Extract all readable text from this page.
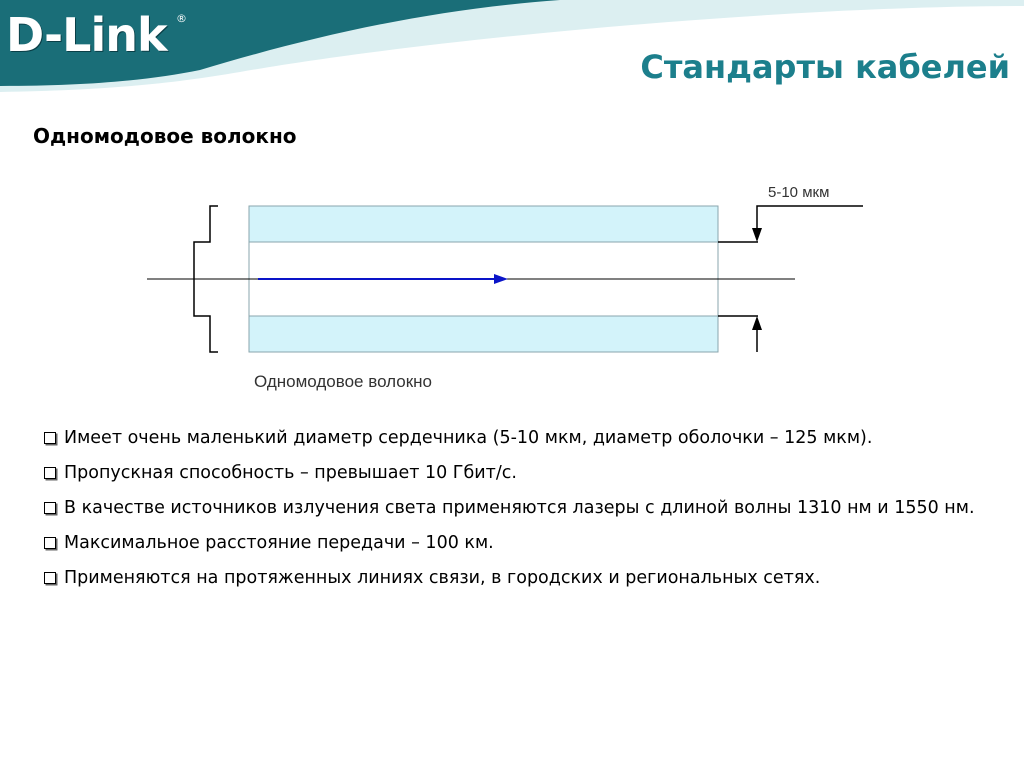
D-Link ®
Стандарты кабелей
Одномодовое волокно
5-10 мкм
Одномодовое волокно
Имеет очень маленький диаметр сердечника (5-10 мкм, диаметр оболочки – 125 мкм).
Пропускная способность – превышает 10 Гбит/с.
В качестве источников излучения света применяются лазеры с длиной волны 1310 нм и 1550 нм.
Максимальное расстояние передачи – 100 км.
Применяются на протяженных линиях связи, в городских и региональных сетях.
